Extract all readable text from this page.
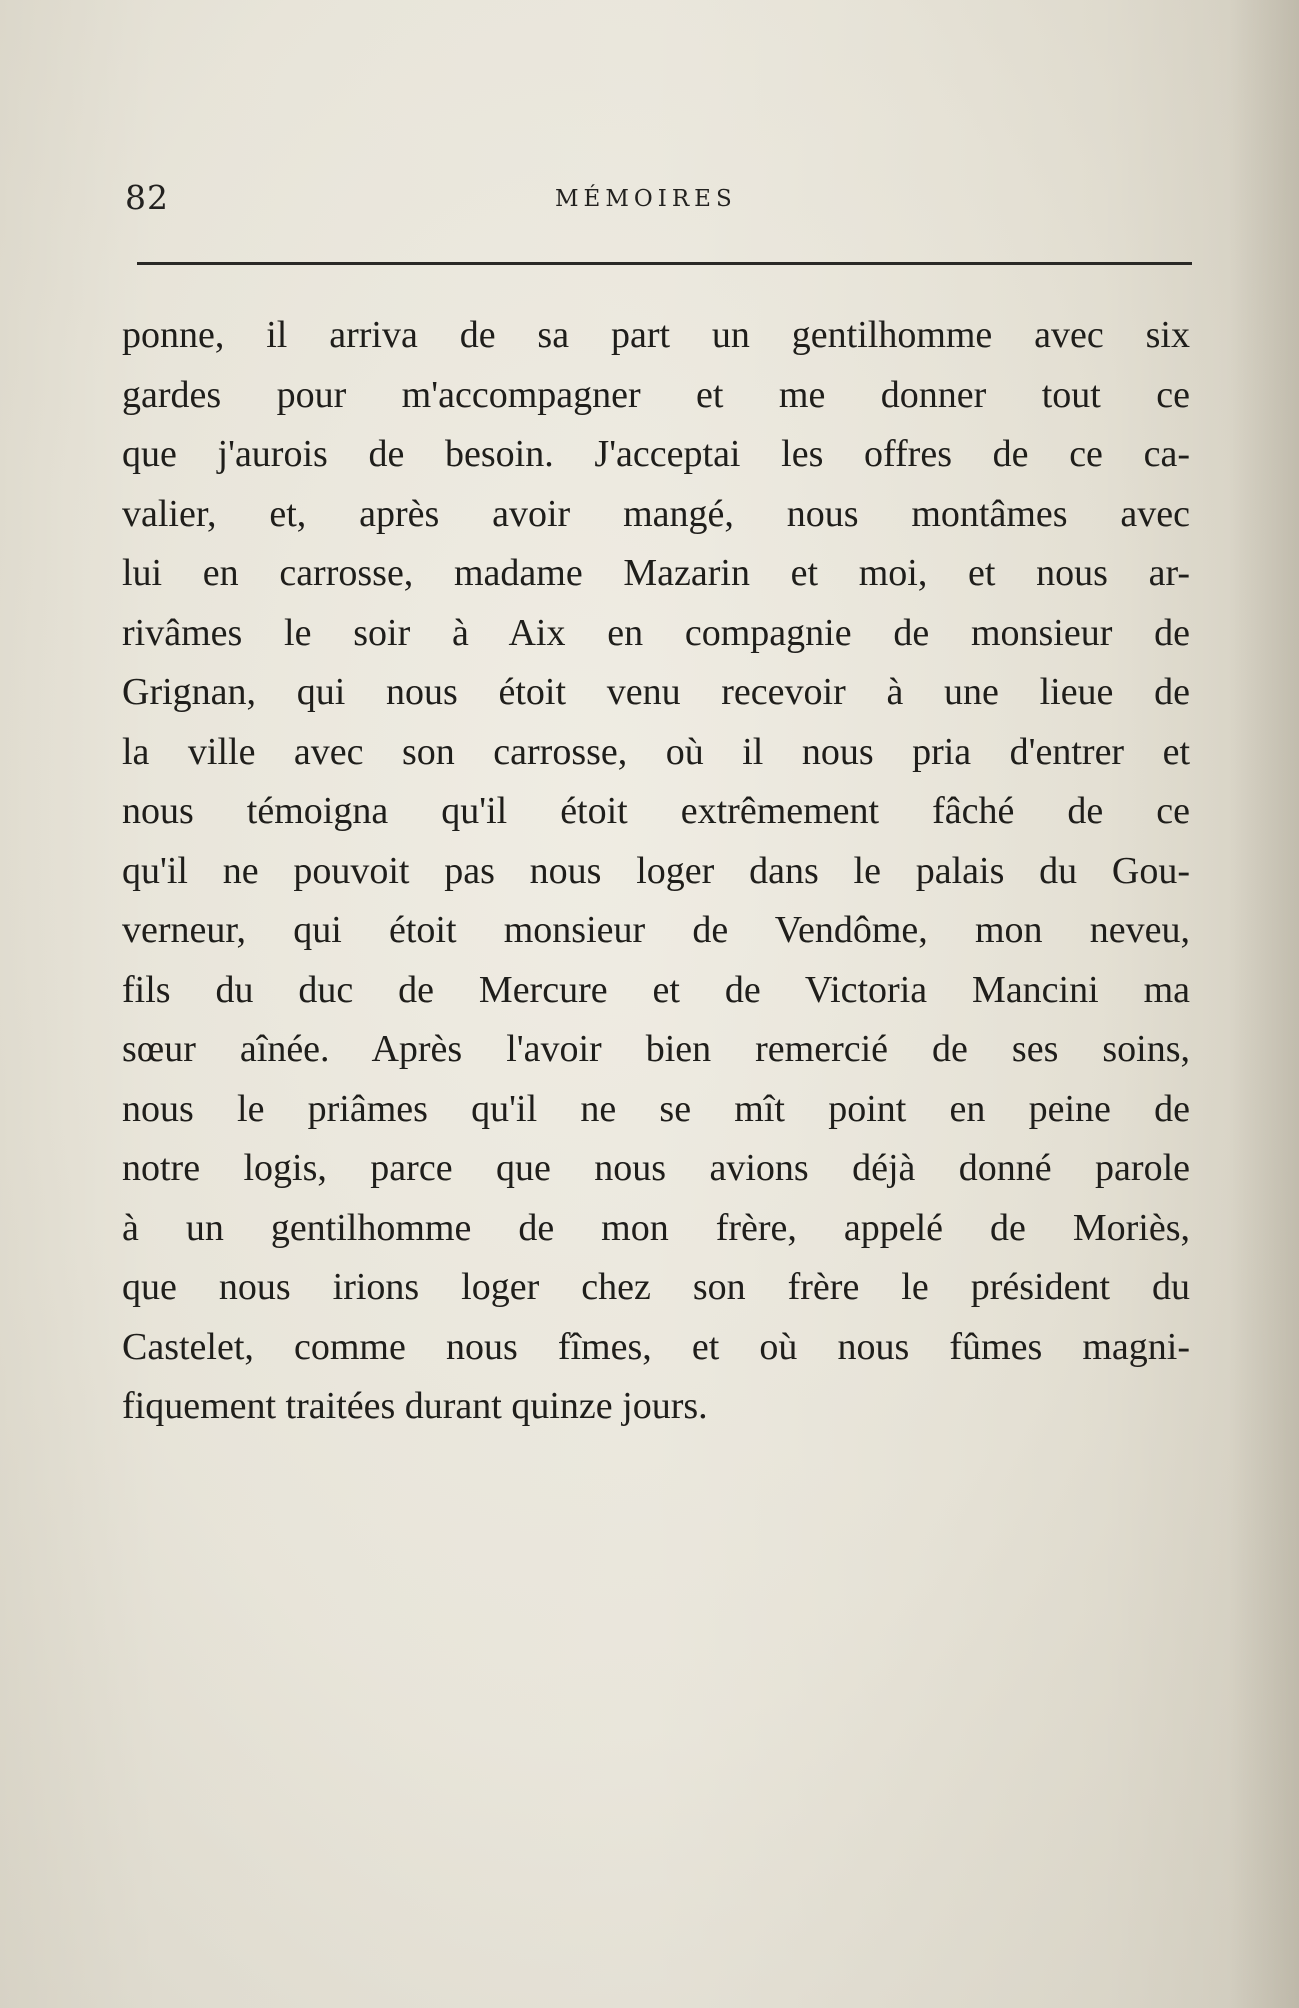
82	MÉMOIRES
ponne, il arriva de sa part un gentilhomme avec six
gardes pour m'accompagner et me donner tout ce
que j'aurois de besoin. J'acceptai les offres de ce ca-
valier, et, après avoir mangé, nous montâmes avec
lui en carrosse, madame Mazarin et moi, et nous ar-
rivâmes le soir à Aix en compagnie de monsieur de
Grignan, qui nous étoit venu recevoir à une lieue de
la ville avec son carrosse, où il nous pria d'entrer et
nous témoigna qu'il étoit extrêmement fâché de ce
qu'il ne pouvoit pas nous loger dans le palais du Gou-
verneur, qui étoit monsieur de Vendôme, mon neveu,
fils du duc de Mercure et de Victoria Mancini ma
sœur aînée. Après l'avoir bien remercié de ses soins,
nous le priâmes qu'il ne se mît point en peine de
notre logis, parce que nous avions déjà donné parole
à un gentilhomme de mon frère, appelé de Moriès,
que nous irions loger chez son frère le président du
Castelet, comme nous fîmes, et où nous fûmes magni-
fiquement traitées durant quinze jours.
